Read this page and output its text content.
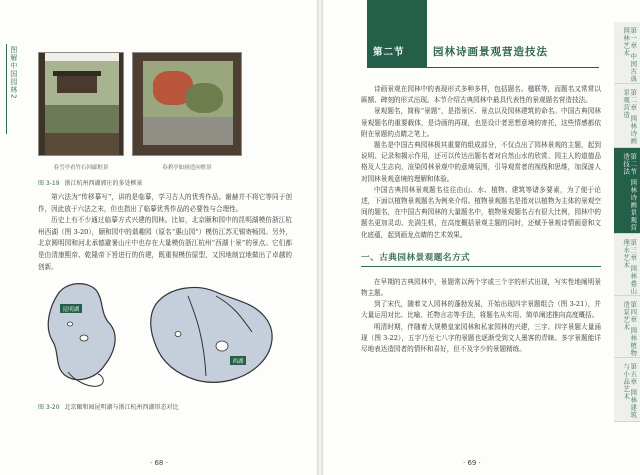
图解中国园林2
春雪亭看竹石回廊框景	春碧亭如画造向框景
图 3-19 浙江杭州西湖郭庄的多处框景

第六法为“传移摹写”，讲的是临摹，学习古人的优秀作品。谢赫并不将它等同于创作，因此放于六法之末，但也指出了临摹优秀作品的必要性与合理性。

历史上有不少通过临摹方式兴建的园林。比如，北京颐和园中的昆明湖模仿浙江杭州西湖（图 3-20），颐和园中的谐趣园（原名“惠山园”）模仿江苏无锡寄畅园。另外，北京圆明园和河北承德避暑山庄中也存在大量模仿浙江杭州“西湖十景”的景点。它们都是由清康熙帝、乾隆帝下旨进行的仿建，既重视模仿原型，又因地制宜地做出了卓越的创新。

昆明湖
西湖
图 3-20 北京颐和园昆明湖与浙江杭州西湖形态对比
· 68 ·
第二节	园林诗画景观营造技法

诗画景观在园林中的表现形式多种多样，包括题名、楹联等，而题名又常常以匾额、碑刻的形式出现。本节介绍古典园林中最具代表性的景观题名营造技法。

景观题名，简称“景题”，是指景区、景点以及园林建筑的命名。中国古典园林景观题名的重要载体，是诗画的再现，也是设计者思想意境的寄托，这些情感都依附在景题的点睛之笔上。

题名是中国古典园林极其重要的组成部分，不仅点出了园林景观的主题，起到说明、记录和揭示作用，还可以传达出题名者对自然山水的欣赏、园主人的道德品格及人生志向，渲染园林景观中的意境氛围，引导观赏者的视线和思维，加深游人对园林景观意境的理解和体验。

中国古典园林景观题名往往由山、水、植物、建筑等诸多要素，为了便于论述，下面以植物景观题名为例来介绍。植物景观题名是指对以植物为主体的景观空间的题名，在中国古典园林的大量题名中，植物景观题名占有很大比例，园林中的题名更加灵动、充满生机，在高度概括景观主题的同时，还赋予景观诗情画意和文化底蕴，起到画龙点睛的艺术效果。

一、古典园林景观题名方式

在早期的古典园林中，景题常以两个字或三个字的形式出现，写实性地阐明景物主题。

到了宋代，随着文人园林的蓬勃发展，开始出现四字景题组合（图 3-21），并大量运用对比、比喻、托物言志等手法，将题名从实用、简单阐述推向高度概括。

明清时期，伴随着大规模皇家园林和私家园林的兴建，三字、四字景题大量涌现（图 3-22），五字乃至七八字的景题也逐渐受到文人墨客的青睐。多字景题能详尽地表达造园者的情怀和喜好，但不及字少的景题精练。

第一章 中国古典园林艺术
第二章 园林诗画景观营造
第二节 园林诗画景观营造技法
第三章 园林叠山理水艺术
第四章 园林植物造景艺术
第五章 园林建筑与小品艺术
· 69 ·
